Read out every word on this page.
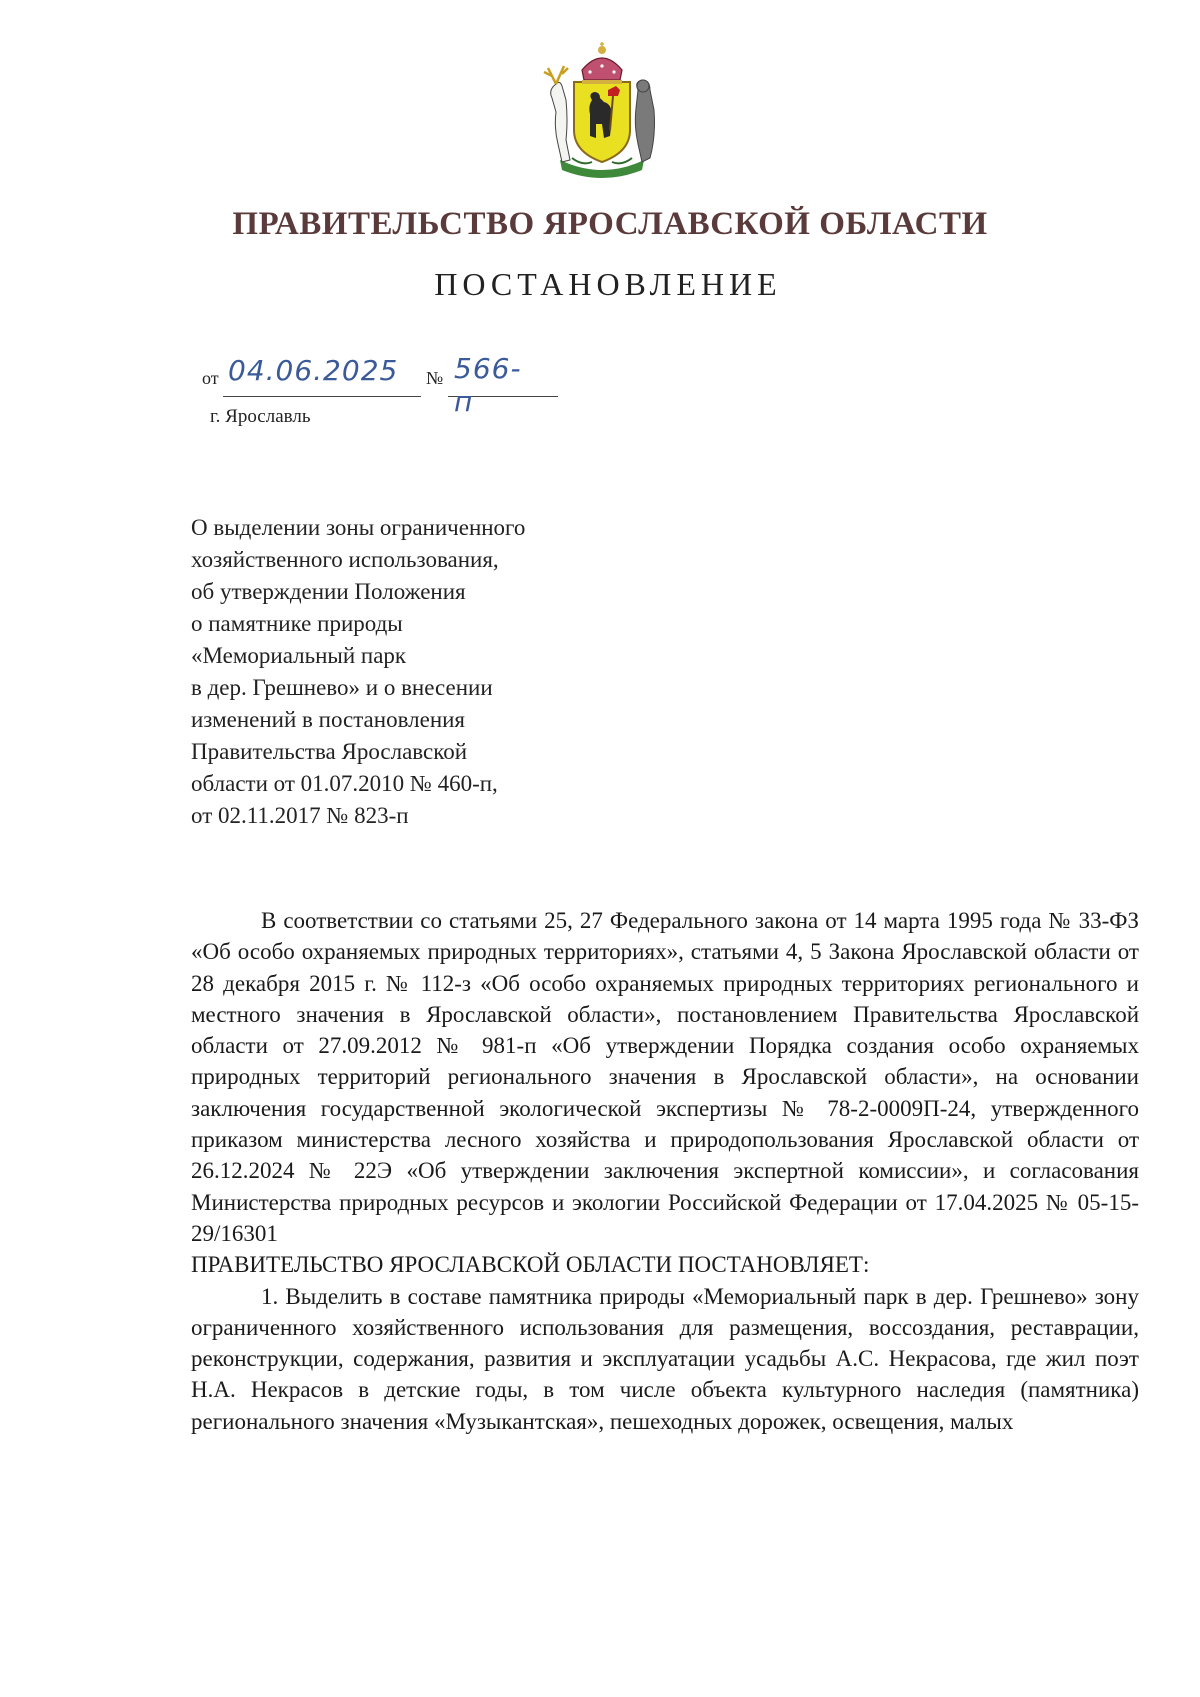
ПРАВИТЕЛЬСТВО ЯРОСЛАВСКОЙ ОБЛАСТИ
ПОСТАНОВЛЕНИЕ
от 04.06.2025 № 566-п
г. Ярославль
О выделении зоны ограниченного
хозяйственного использования,
об утверждении Положения
о памятнике природы
«Мемориальный парк
в дер. Грешнево» и о внесении
изменений в постановления
Правительства Ярославской
области от 01.07.2010 № 460-п,
от 02.11.2017 № 823-п

В соответствии со статьями 25, 27 Федерального закона от 14 марта 1995 года № 33-ФЗ «Об особо охраняемых природных территориях», статьями 4, 5 Закона Ярославской области от 28 декабря 2015 г. № 112-з «Об особо охраняемых природных территориях регионального и местного значения в Ярославской области», постановлением Правительства Ярославской области от 27.09.2012 № 981-п «Об утверждении Порядка создания особо охраняемых природных территорий регионального значения в Ярославской области», на основании заключения государственной экологической экспертизы № 78-2-0009П-24, утвержденного приказом министерства лесного хозяйства и природопользования Ярославской области от 26.12.2024 № 22Э «Об утверждении заключения экспертной комиссии», и согласования Министерства природных ресурсов и экологии Российской Федерации от 17.04.2025 № 05-15-29/16301

ПРАВИТЕЛЬСТВО ЯРОСЛАВСКОЙ ОБЛАСТИ ПОСТАНОВЛЯЕТ:

1. Выделить в составе памятника природы «Мемориальный парк в дер. Грешнево» зону ограниченного хозяйственного использования для размещения, воссоздания, реставрации, реконструкции, содержания, развития и эксплуатации усадьбы А.С. Некрасова, где жил поэт Н.А. Некрасов в детские годы, в том числе объекта культурного наследия (памятника) регионального значения «Музыкантская», пешеходных дорожек, освещения, малых
